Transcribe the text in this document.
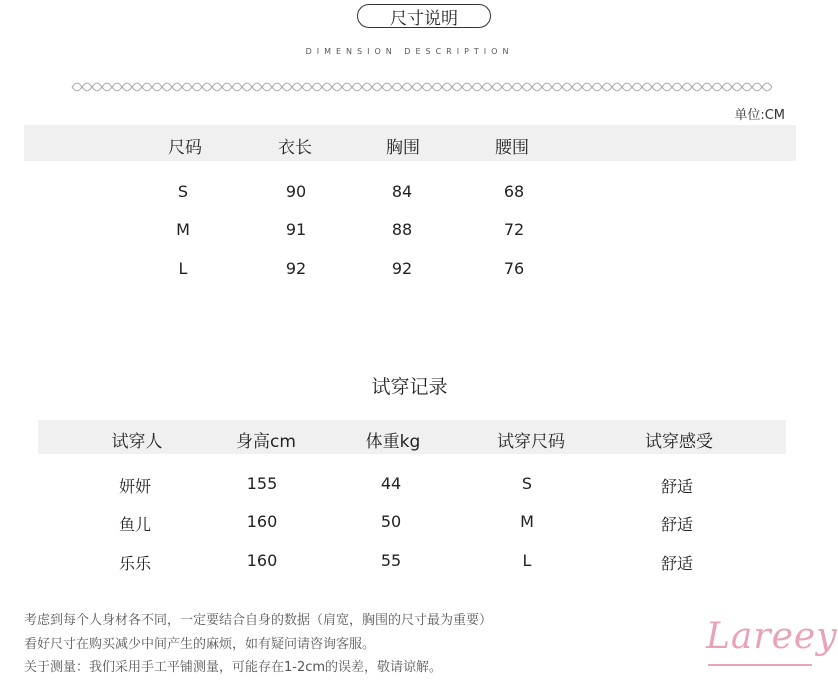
尺寸说明
DIMENSION DESCRIPTION
单位:CM
尺码	衣长	胸围	腰围
S	90	84	68
M	91	88	72
L	92	92	76
试穿记录
试穿人	身高cm	体重kg	试穿尺码	试穿感受
妍妍	155	44	S	舒适
鱼儿	160	50	M	舒适
乐乐	160	55	L	舒适
考虑到每个人身材各不同，一定要结合自身的数据（肩宽，胸围的尺寸最为重要）
看好尺寸在购买减少中间产生的麻烦，如有疑问请咨询客服。
关于测量：我们采用手工平铺测量，可能存在1-2cm的误差，敬请谅解。
Lareey
